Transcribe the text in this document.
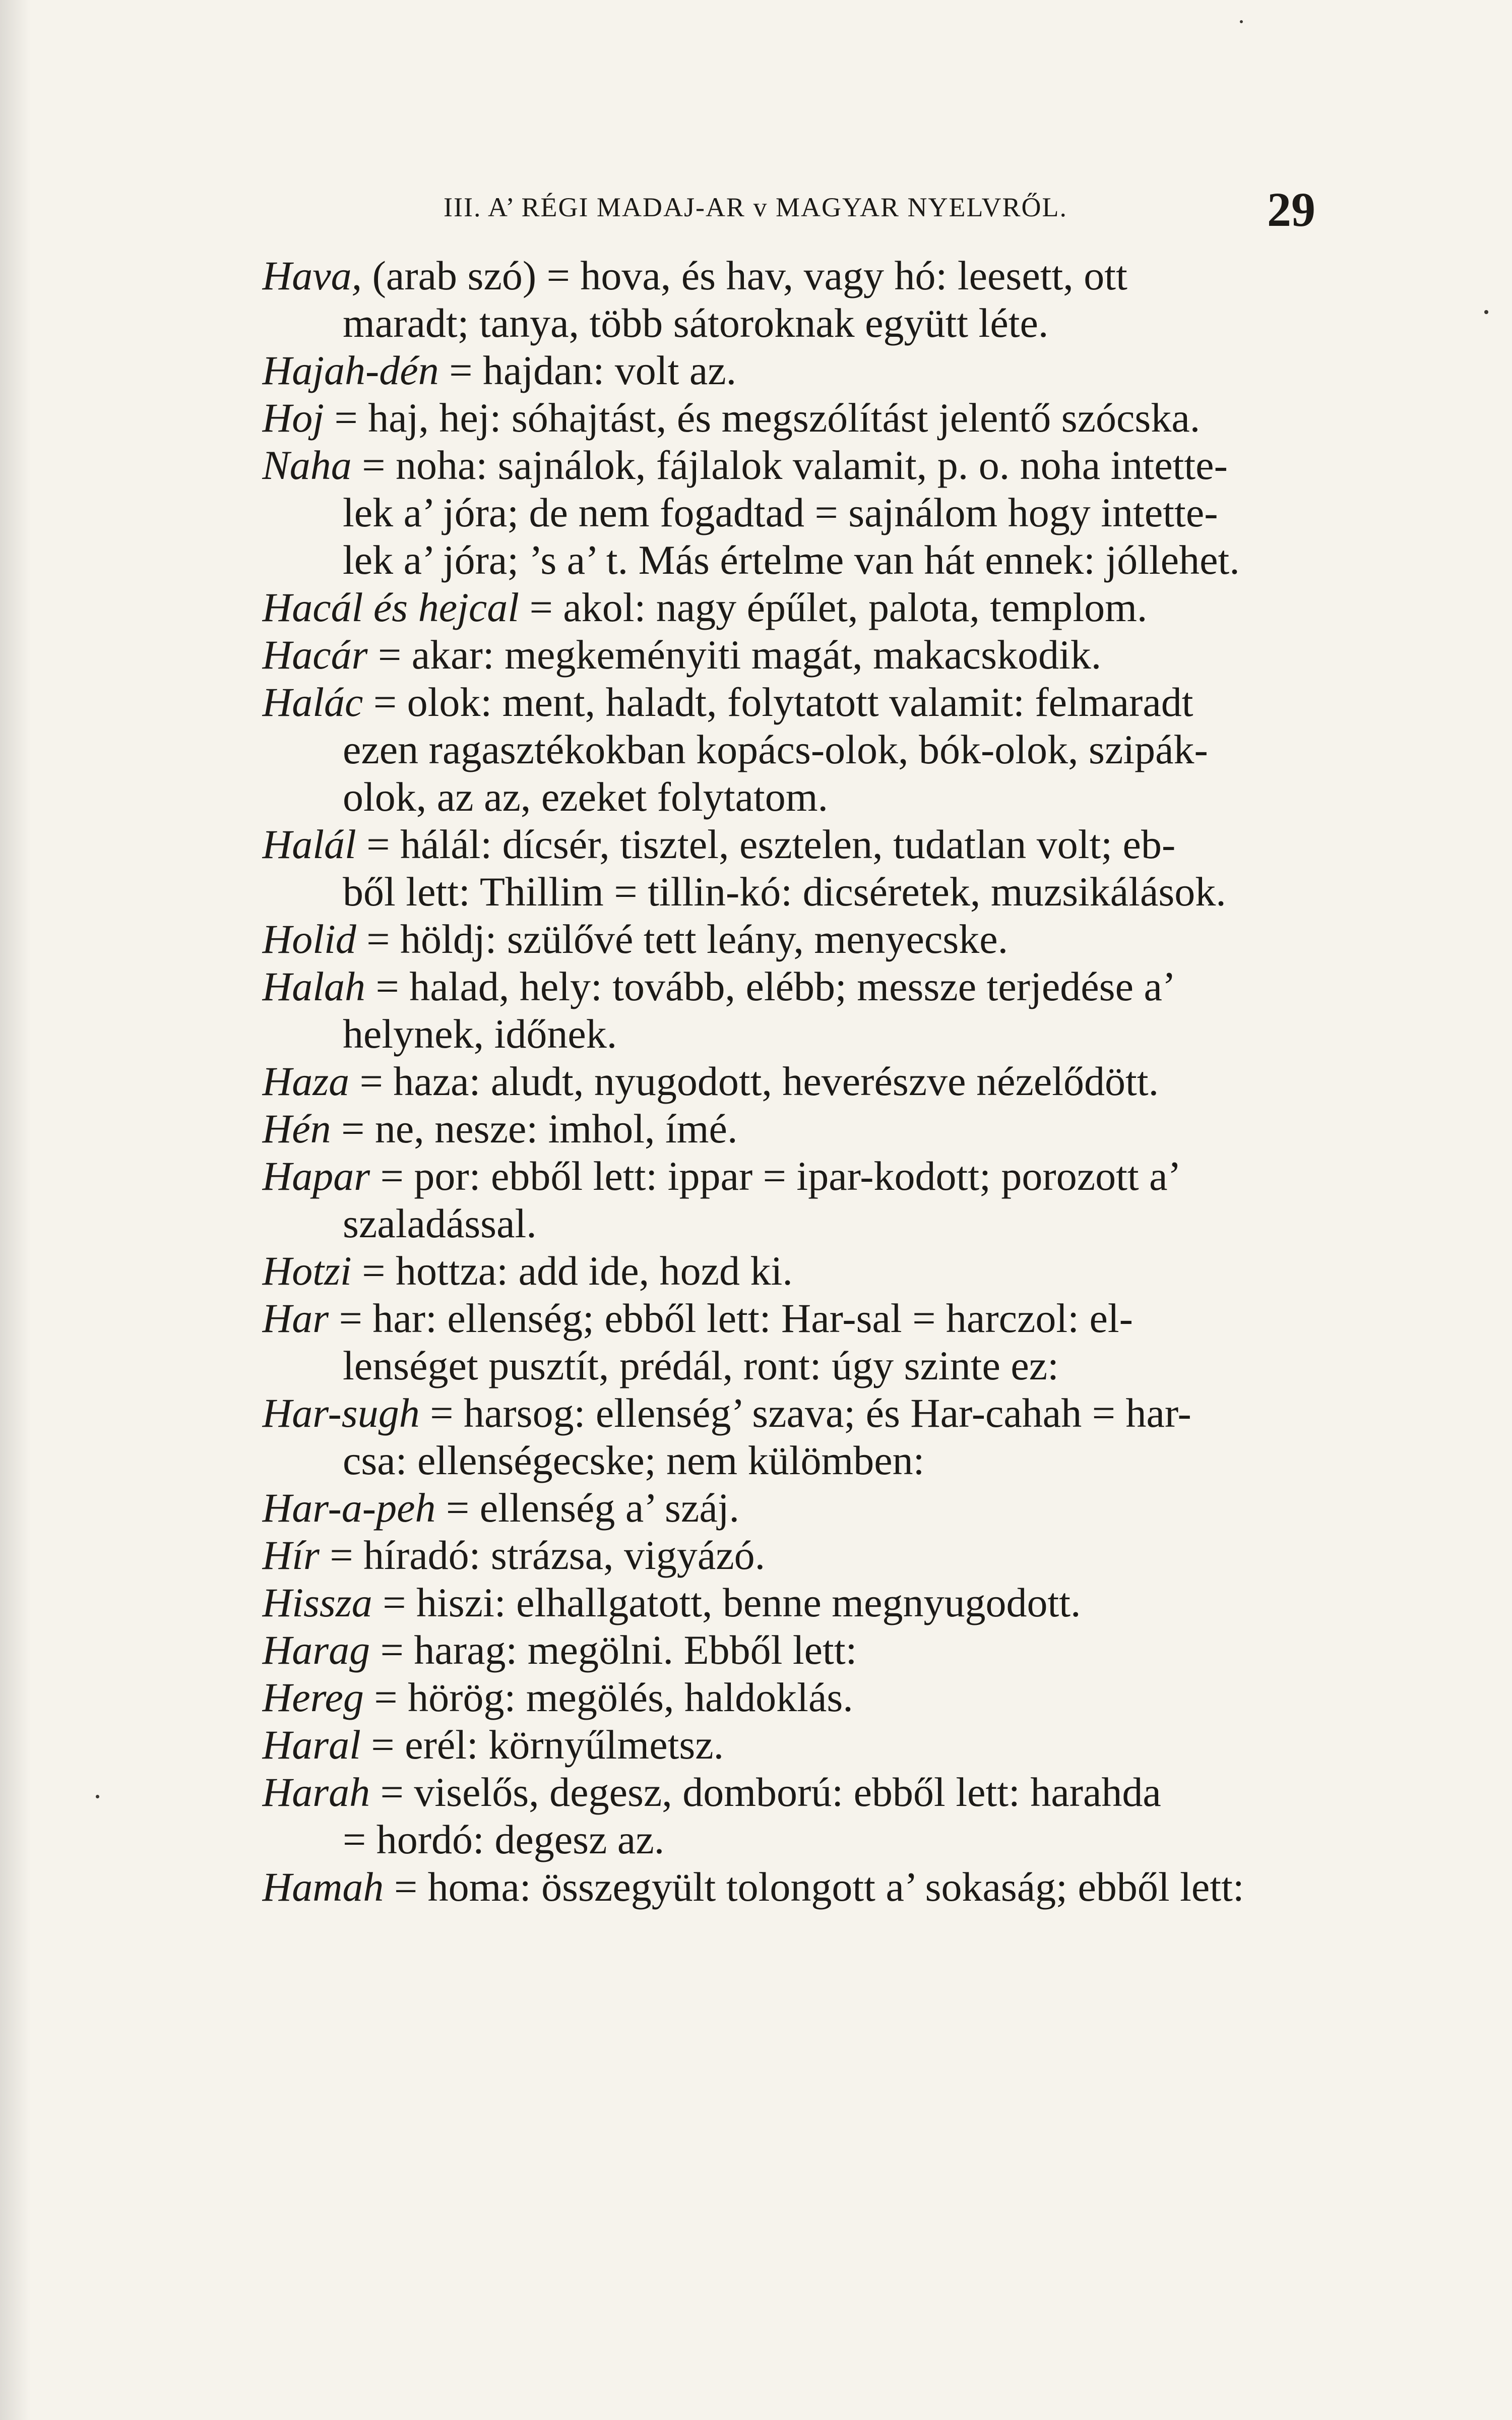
III. A’ RÉGI MADAJ-AR v MAGYAR NYELVRŐL.	29
Hava, (arab szó) = hova, és hav, vagy hó: leesett, ott
maradt; tanya, több sátoroknak együtt léte.
Hajah-dén = hajdan: volt az.
Hoj = haj, hej: sóhajtást, és megszólítást jelentő szócska.
Naha = noha: sajnálok, fájlalok valamit, p. o. noha intette-
lek a’ jóra; de nem fogadtad = sajnálom hogy intette-
lek a’ jóra; ’s a’ t. Más értelme van hát ennek: jóllehet.
Hacál és hejcal = akol: nagy épűlet, palota, templom.
Hacár = akar: megkeményiti magát, makacskodik.
Halác = olok: ment, haladt, folytatott valamit: felmaradt
ezen ragasztékokban kopács-olok, bók-olok, szipák-
olok, az az, ezeket folytatom.
Halál = hálál: dícsér, tisztel, esztelen, tudatlan volt; eb-
ből lett: Thillim = tillin-kó: dicséretek, muzsikálások.
Holid = höldj: szülővé tett leány, menyecske.
Halah = halad, hely: tovább, elébb; messze terjedése a’
helynek, időnek.
Haza = haza: aludt, nyugodott, heverészve nézelődött.
Hén = ne, nesze: imhol, ímé.
Hapar = por: ebből lett: ippar = ipar-kodott; porozott a’
szaladással.
Hotzi = hottza: add ide, hozd ki.
Har = har: ellenség; ebből lett: Har-sal = harczol: el-
lenséget pusztít, prédál, ront: úgy szinte ez:
Har-sugh = harsog: ellenség’ szava; és Har-cahah = har-
csa: ellenségecske; nem külömben:
Har-a-peh = ellenség a’ száj.
Hír = híradó: strázsa, vigyázó.
Hissza = hiszi: elhallgatott, benne megnyugodott.
Harag = harag: megölni. Ebből lett:
Hereg = hörög: megölés, haldoklás.
Haral = erél: környűlmetsz.
Harah = viselős, degesz, domború: ebből lett: harahda
= hordó: degesz az.
Hamah = homa: összegyült tolongott a’ sokaság; ebből lett:
